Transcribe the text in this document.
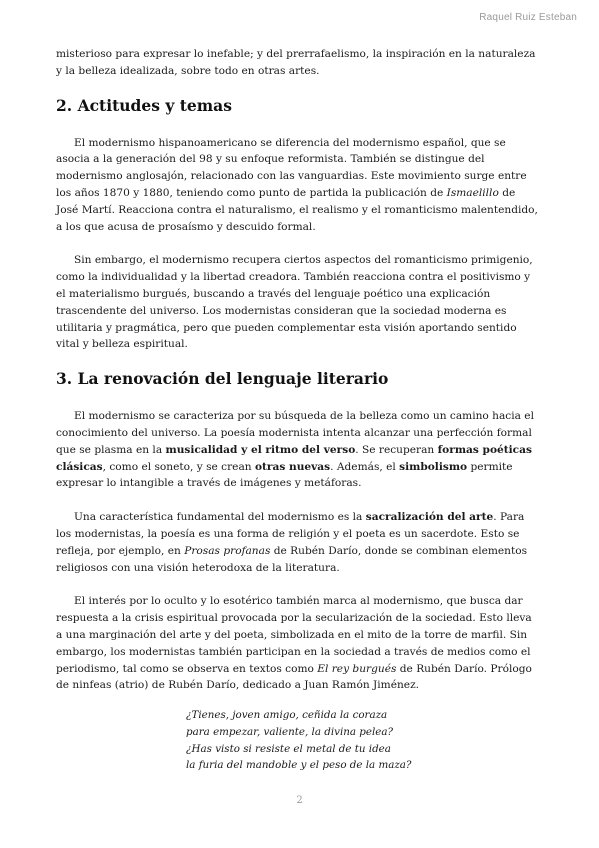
Raquel Ruiz Esteban

misterioso para expresar lo inefable; y del prerrafaelismo, la inspiración en la naturaleza y la belleza idealizada, sobre todo en otras artes.

2. Actitudes y temas

El modernismo hispanoamericano se diferencia del modernismo español, que se asocia a la generación del 98 y su enfoque reformista. También se distingue del modernismo anglosajón, relacionado con las vanguardias. Este movimiento surge entre los años 1870 y 1880, teniendo como punto de partida la publicación de Ismaelillo de José Martí. Reacciona contra el naturalismo, el realismo y el romanticismo malentendido, a los que acusa de prosaísmo y descuido formal.

Sin embargo, el modernismo recupera ciertos aspectos del romanticismo primigenio, como la individualidad y la libertad creadora. También reacciona contra el positivismo y el materialismo burgués, buscando a través del lenguaje poético una explicación trascendente del universo. Los modernistas consideran que la sociedad moderna es utilitaria y pragmática, pero que pueden complementar esta visión aportando sentido vital y belleza espiritual.

3. La renovación del lenguaje literario

El modernismo se caracteriza por su búsqueda de la belleza como un camino hacia el conocimiento del universo. La poesía modernista intenta alcanzar una perfección formal que se plasma en la musicalidad y el ritmo del verso. Se recuperan formas poéticas clásicas, como el soneto, y se crean otras nuevas. Además, el simbolismo permite expresar lo intangible a través de imágenes y metáforas.

Una característica fundamental del modernismo es la sacralización del arte. Para los modernistas, la poesía es una forma de religión y el poeta es un sacerdote. Esto se refleja, por ejemplo, en Prosas profanas de Rubén Darío, donde se combinan elementos religiosos con una visión heterodoxa de la literatura.

El interés por lo oculto y lo esotérico también marca al modernismo, que busca dar respuesta a la crisis espiritual provocada por la secularización de la sociedad. Esto lleva a una marginación del arte y del poeta, simbolizada en el mito de la torre de marfil. Sin embargo, los modernistas también participan en la sociedad a través de medios como el periodismo, tal como se observa en textos como El rey burgués de Rubén Darío. Prólogo de ninfeas (atrio) de Rubén Darío, dedicado a Juan Ramón Jiménez.

¿Tienes, joven amigo, ceñida la coraza
para empezar, valiente, la divina pelea?
¿Has visto si resiste el metal de tu idea
la furia del mandoble y el peso de la maza?
2
